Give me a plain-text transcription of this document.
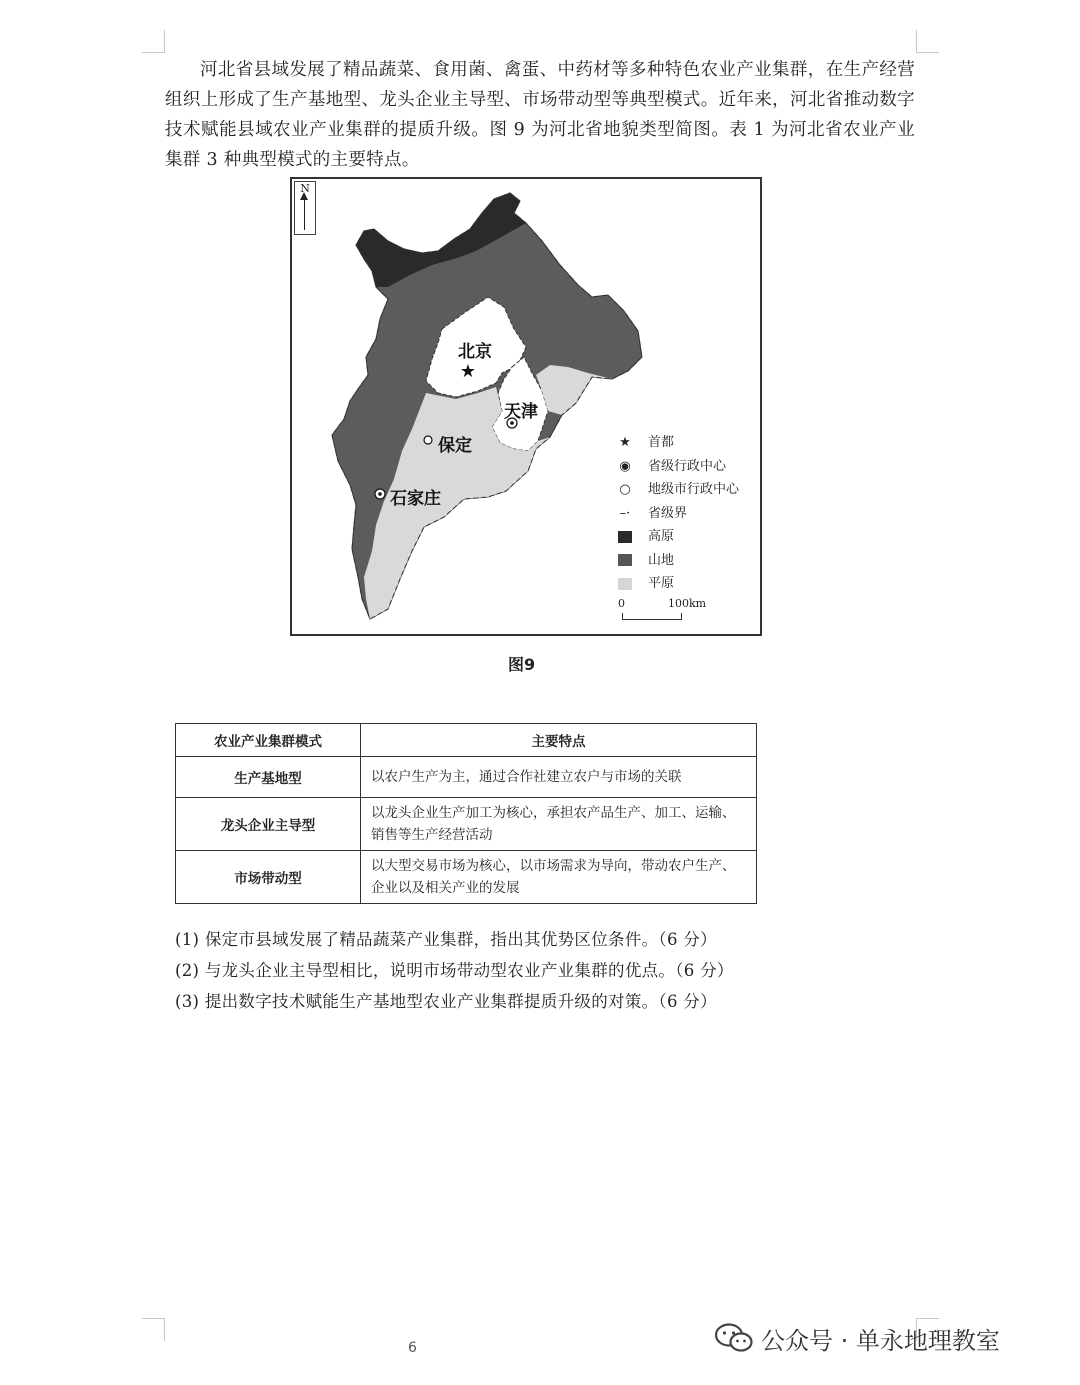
河北省县域发展了精品蔬菜、食用菌、禽蛋、中药材等多种特色农业产业集群，在生产经营组织上形成了生产基地型、龙头企业主导型、市场带动型等典型模式。近年来，河北省推动数字技术赋能县域农业产业集群的提质升级。图 9 为河北省地貌类型简图。表 1 为河北省农业产业集群 3 种典型模式的主要特点。
★
N
北京
天津
保定
石家庄
★	首都
◉	省级行政中心
○	地级市行政中心
–·	省级界
高原
山地
平原
0	100km
图9
农业产业集群模式	主要特点
生产基地型	以农户生产为主，通过合作社建立农户与市场的关联
龙头企业主导型	以龙头企业生产加工为核心，承担农产品生产、加工、运输、销售等生产经营活动
市场带动型	以大型交易市场为核心，以市场需求为导向，带动农户生产、企业以及相关产业的发展
(1) 保定市县域发展了精品蔬菜产业集群，指出其优势区位条件。（6 分）
(2) 与龙头企业主导型相比，说明市场带动型农业产业集群的优点。（6 分）
(3) 提出数字技术赋能生产基地型农业产业集群提质升级的对策。（6 分）
6	公众号 · 单永地理教室
